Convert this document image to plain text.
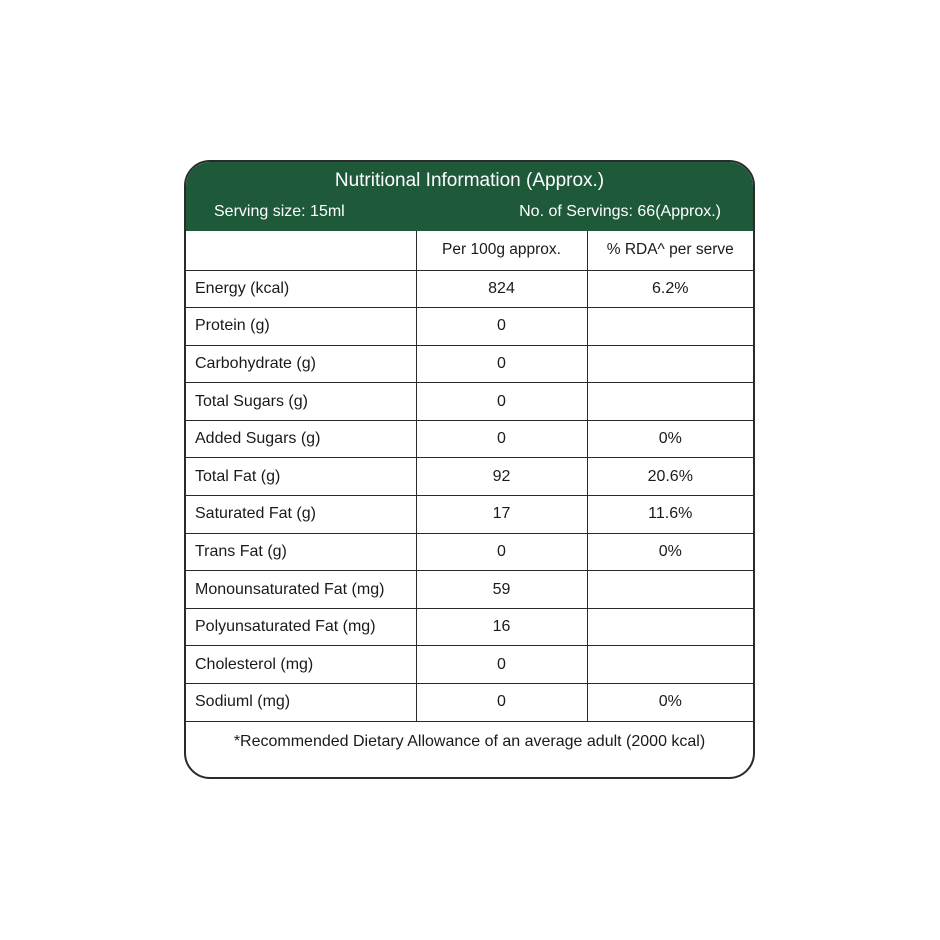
Nutritional Information (Approx.)
Serving size: 15ml	No. of Servings: 66(Approx.)
	Per 100g approx.	% RDA^ per serve
Energy (kcal)	824	6.2%
Protein (g)	0	
Carbohydrate (g)	0	
Total Sugars (g)	0	
Added Sugars (g)	0	0%
Total Fat (g)	92	20.6%
Saturated Fat (g)	17	11.6%
Trans Fat (g)	0	0%
Monounsaturated Fat (mg)	59	
Polyunsaturated Fat (mg)	16	
Cholesterol (mg)	0	
Sodiuml (mg)	0	0%
*Recommended Dietary Allowance of an average adult (2000 kcal)
